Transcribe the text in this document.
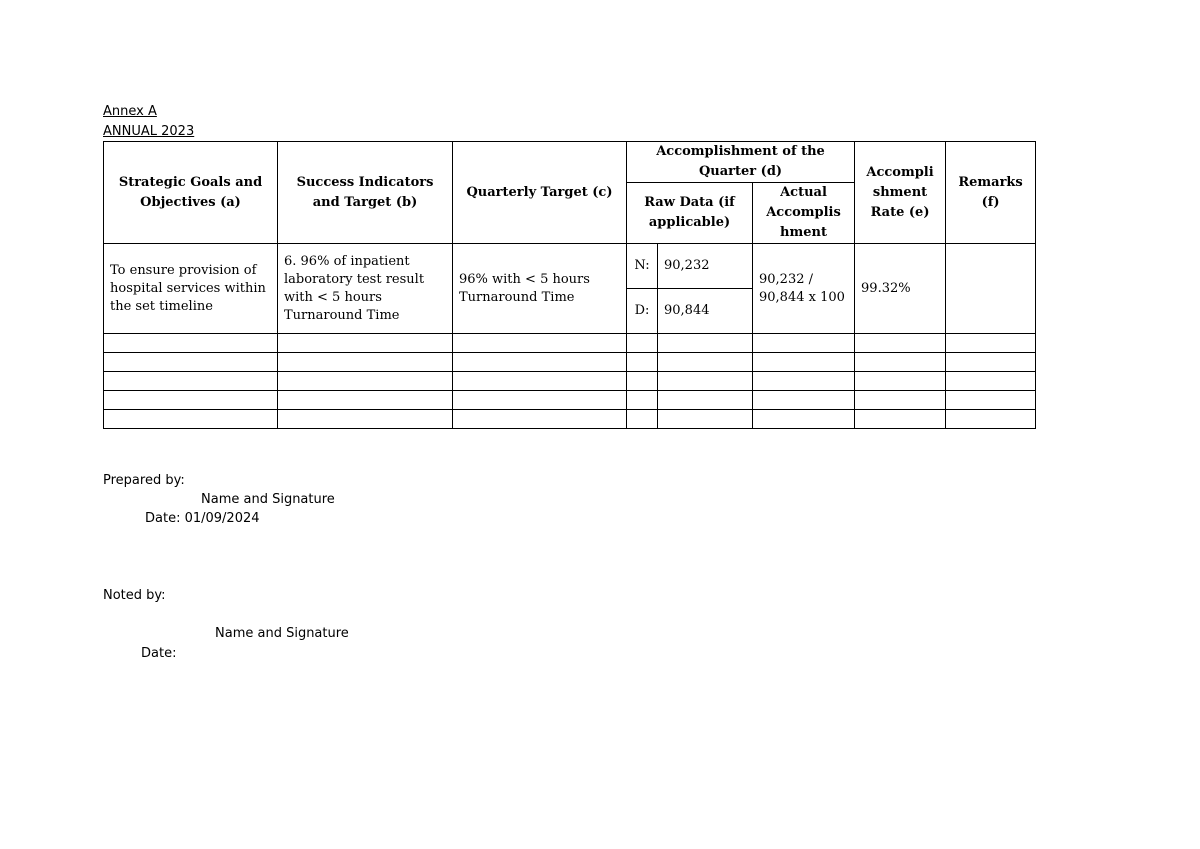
Annex A
ANNUAL 2023
Strategic Goals and Objectives (a)	Success Indicators and Target (b)	Quarterly Target (c)	Accomplishment of the Quarter (d)			Accompli shment Rate (e)	Remarks (f)
			Raw Data (if applicable)		Actual Accomplis hment		
To ensure provision of hospital services within the set timeline	6. 96% of inpatient laboratory test result with < 5 hours Turnaround Time	96% with < 5 hours Turnaround Time	N:	90,232	90,232 / 90,844 x 100	99.32%	
			D:	90,844			

Prepared by:
Name and Signature
Date: 01/09/2024
Noted by:
Name and Signature
Date:
